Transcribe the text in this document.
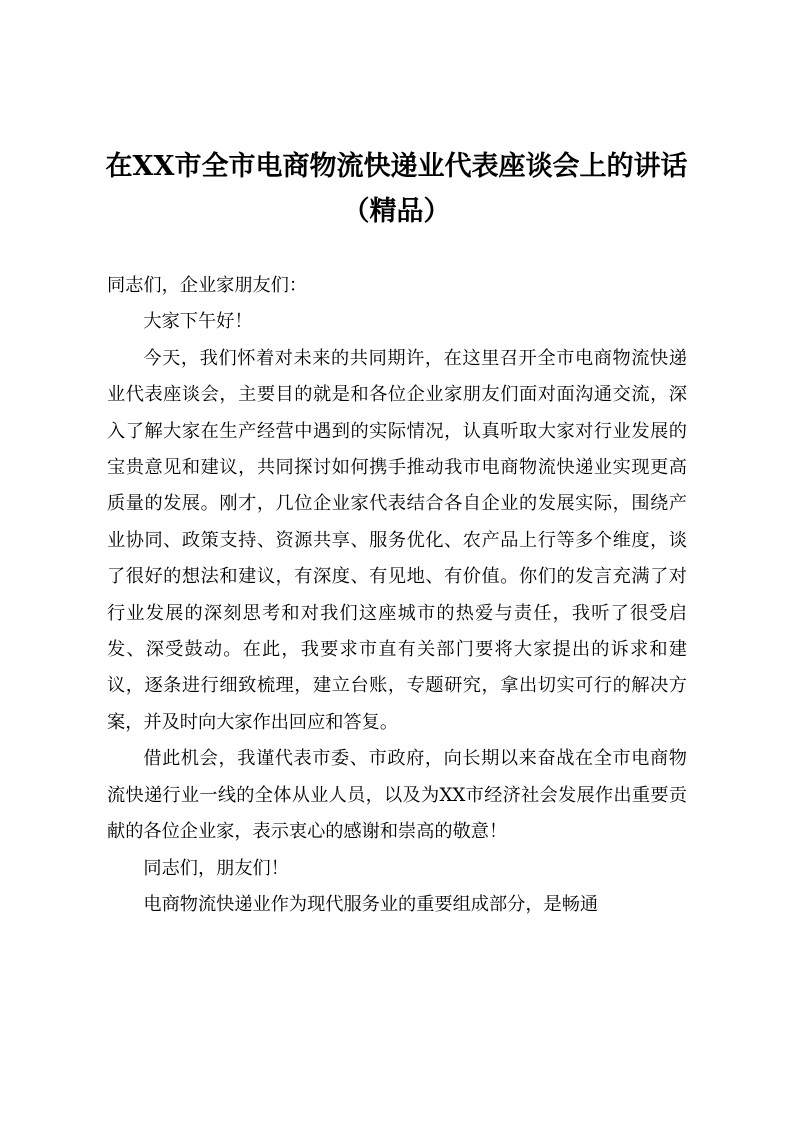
在XX市全市电商物流快递业代表座谈会上的讲话（精品）

同志们，企业家朋友们：

大家下午好！

今天，我们怀着对未来的共同期许，在这里召开全市电商物流快递业代表座谈会，主要目的就是和各位企业家朋友们面对面沟通交流，深入了解大家在生产经营中遇到的实际情况，认真听取大家对行业发展的宝贵意见和建议，共同探讨如何携手推动我市电商物流快递业实现更高质量的发展。刚才，几位企业家代表结合各自企业的发展实际，围绕产业协同、政策支持、资源共享、服务优化、农产品上行等多个维度，谈了很好的想法和建议，有深度、有见地、有价值。你们的发言充满了对行业发展的深刻思考和对我们这座城市的热爱与责任，我听了很受启发、深受鼓动。在此，我要求市直有关部门要将大家提出的诉求和建议，逐条进行细致梳理，建立台账，专题研究，拿出切实可行的解决方案，并及时向大家作出回应和答复。

借此机会，我谨代表市委、市政府，向长期以来奋战在全市电商物流快递行业一线的全体从业人员，以及为XX市经济社会发展作出重要贡献的各位企业家，表示衷心的感谢和崇高的敬意！

同志们，朋友们！

电商物流快递业作为现代服务业的重要组成部分，是畅通
